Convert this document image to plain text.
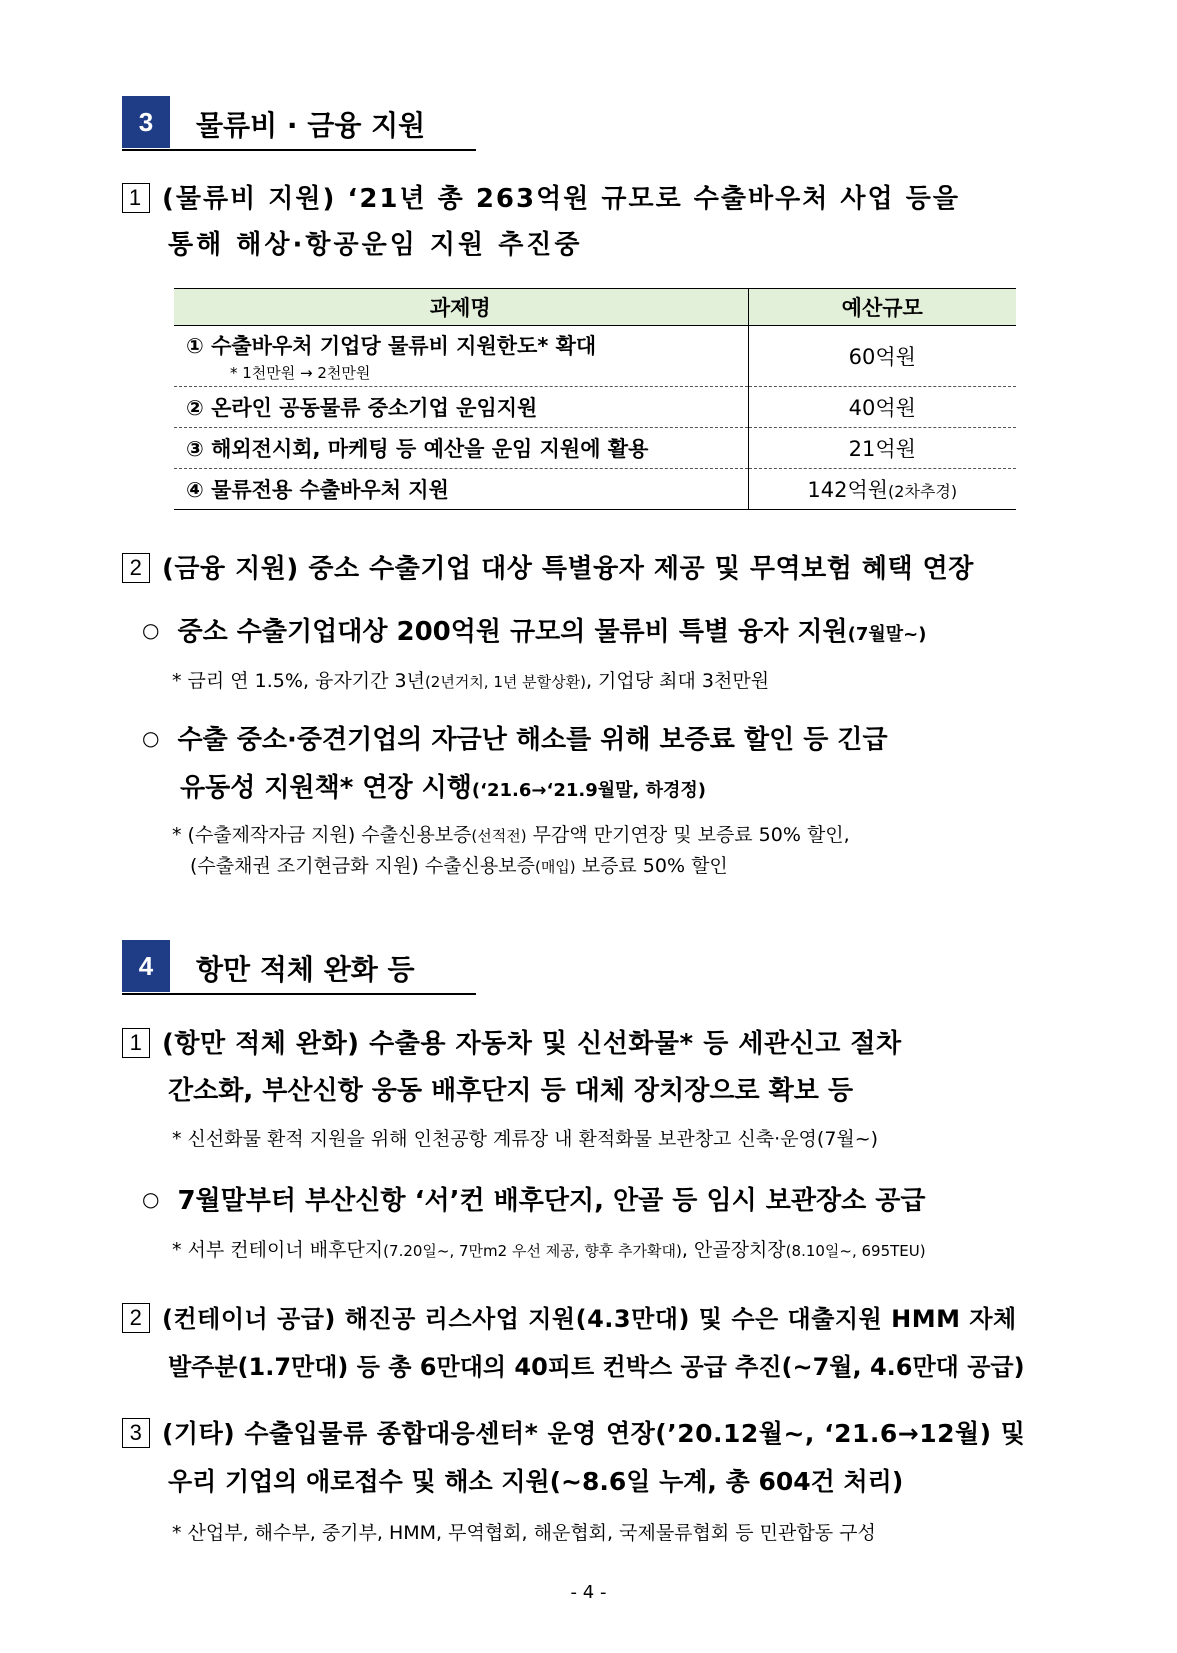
3	물류비 · 금융 지원
1 (물류비 지원) ‘21년 총 263억원 규모로 수출바우처 사업 등을
통해 해상·항공운임 지원 추진중
과제명	예산규모
① 수출바우처 기업당 물류비 지원한도* 확대
* 1천만원 → 2천만원	60억원
② 온라인 공동물류 중소기업 운임지원	40억원
③ 해외전시회, 마케팅 등 예산을 운임 지원에 활용	21억원
④ 물류전용 수출바우처 지원	142억원(2차추경)
2 (금융 지원) 중소 수출기업 대상 특별융자 제공 및 무역보험 혜택 연장
○ 중소 수출기업대상 200억원 규모의 물류비 특별 융자 지원(7월말~)
* 금리 연 1.5%, 융자기간 3년(2년거치, 1년 분할상환), 기업당 최대 3천만원
○ 수출 중소·중견기업의 자금난 해소를 위해 보증료 할인 등 긴급
유동성 지원책* 연장 시행(‘21.6→‘21.9월말, 하경정)
* (수출제작자금 지원) 수출신용보증(선적전) 무감액 만기연장 및 보증료 50% 할인,
(수출채권 조기현금화 지원) 수출신용보증(매입) 보증료 50% 할인
4	항만 적체 완화 등
1 (항만 적체 완화) 수출용 자동차 및 신선화물* 등 세관신고 절차
간소화, 부산신항 웅동 배후단지 등 대체 장치장으로 확보 등
* 신선화물 환적 지원을 위해 인천공항 계류장 내 환적화물 보관창고 신축·운영(7월~)
○ 7월말부터 부산신항 ‘서’컨 배후단지, 안골 등 임시 보관장소 공급
* 서부 컨테이너 배후단지(7.20일~, 7만m2 우선 제공, 향후 추가확대), 안골장치장(8.10일~, 695TEU)
2 (컨테이너 공급) 해진공 리스사업 지원(4.3만대) 및 수은 대출지원 HMM 자체
발주분(1.7만대) 등 총 6만대의 40피트 컨박스 공급 추진(~7월, 4.6만대 공급)
3 (기타) 수출입물류 종합대응센터* 운영 연장(’20.12월~, ‘21.6→12월) 및
우리 기업의 애로접수 및 해소 지원(~8.6일 누계, 총 604건 처리)
* 산업부, 해수부, 중기부, HMM, 무역협회, 해운협회, 국제물류협회 등 민관합동 구성
- 4 -
